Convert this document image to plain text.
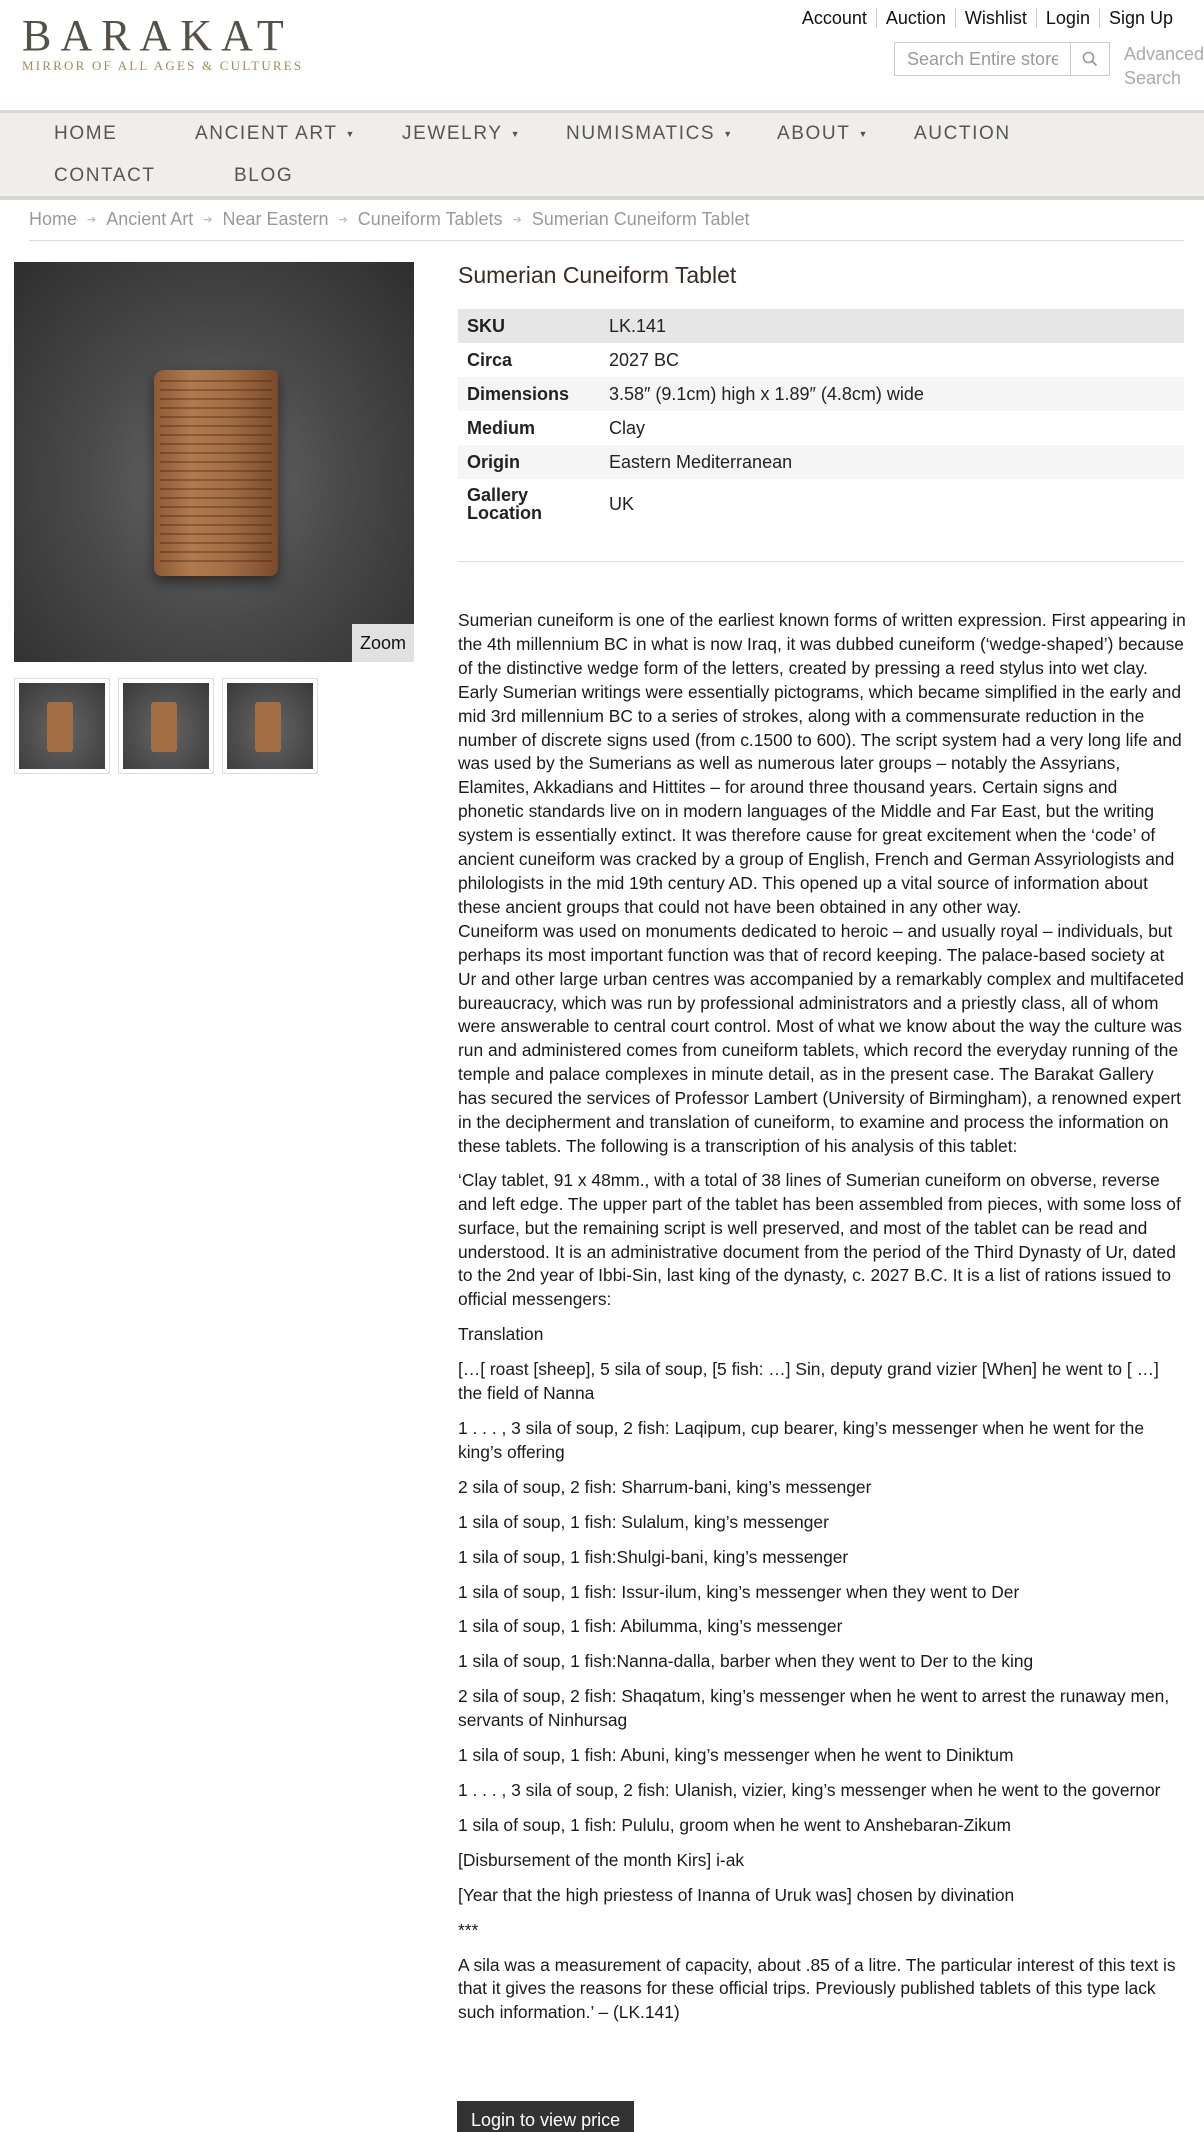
BARAKAT
MIRROR OF ALL AGES & CULTURES
Account	Auction	Wishlist	Login	Sign Up
Search Entire store
Advanced
Search
HOME	ANCIENT ART ▼ JEWELRY ▼ NUMISMATICS ▼ ABOUT ▼ AUCTION
CONTACT	BLOG
Home ➔ Ancient Art ➔ Near Eastern ➔ Cuneiform Tablets ➔ Sumerian Cuneiform Tablet
Zoom
Sumerian Cuneiform Tablet
SKU	LK.141
Circa	2027 BC
Dimensions	3.58″ (9.1cm) high x 1.89″ (4.8cm) wide
Medium	Clay
Origin	Eastern Mediterranean
Gallery Location	UK

Sumerian cuneiform is one of the earliest known forms of written expression. First appearing in the 4th millennium BC in what is now Iraq, it was dubbed cuneiform (‘wedge-shaped’) because of the distinctive wedge form of the letters, created by pressing a reed stylus into wet clay. Early Sumerian writings were essentially pictograms, which became simplified in the early and mid 3rd millennium BC to a series of strokes, along with a commensurate reduction in the number of discrete signs used (from c.1500 to 600). The script system had a very long life and was used by the Sumerians as well as numerous later groups – notably the Assyrians, Elamites, Akkadians and Hittites – for around three thousand years. Certain signs and phonetic standards live on in modern languages of the Middle and Far East, but the writing system is essentially extinct. It was therefore cause for great excitement when the ‘code’ of ancient cuneiform was cracked by a group of English, French and German Assyriologists and philologists in the mid 19th century AD. This opened up a vital source of information about these ancient groups that could not have been obtained in any other way.

Cuneiform was used on monuments dedicated to heroic – and usually royal – individuals, but perhaps its most important function was that of record keeping. The palace-based society at Ur and other large urban centres was accompanied by a remarkably complex and multifaceted bureaucracy, which was run by professional administrators and a priestly class, all of whom were answerable to central court control. Most of what we know about the way the culture was run and administered comes from cuneiform tablets, which record the everyday running of the temple and palace complexes in minute detail, as in the present case. The Barakat Gallery has secured the services of Professor Lambert (University of Birmingham), a renowned expert in the decipherment and translation of cuneiform, to examine and process the information on these tablets. The following is a transcription of his analysis of this tablet:

‘Clay tablet, 91 x 48mm., with a total of 38 lines of Sumerian cuneiform on obverse, reverse and left edge. The upper part of the tablet has been assembled from pieces, with some loss of surface, but the remaining script is well preserved, and most of the tablet can be read and understood. It is an administrative document from the period of the Third Dynasty of Ur, dated to the 2nd year of Ibbi-Sin, last king of the dynasty, c. 2027 B.C. It is a list of rations issued to official messengers:

Translation

[…[ roast [sheep], 5 sila of soup, [5 fish: …] Sin, deputy grand vizier [When] he went to [ …] the field of Nanna

1 . . . , 3 sila of soup, 2 fish: Laqipum, cup bearer, king’s messenger when he went for the king’s offering

2 sila of soup, 2 fish: Sharrum-bani, king’s messenger

1 sila of soup, 1 fish: Sulalum, king’s messenger

1 sila of soup, 1 fish:Shulgi-bani, king’s messenger

1 sila of soup, 1 fish: Issur-ilum, king’s messenger when they went to Der

1 sila of soup, 1 fish: Abilumma, king’s messenger

1 sila of soup, 1 fish:Nanna-dalla, barber when they went to Der to the king

2 sila of soup, 2 fish: Shaqatum, king’s messenger when he went to arrest the runaway men, servants of Ninhursag

1 sila of soup, 1 fish: Abuni, king’s messenger when he went to Diniktum

1 . . . , 3 sila of soup, 2 fish: Ulanish, vizier, king’s messenger when he went to the governor

1 sila of soup, 1 fish: Pululu, groom when he went to Anshebaran-Zikum

[Disbursement of the month Kirs] i-ak

[Year that the high priestess of Inanna of Uruk was] chosen by divination

***

A sila was a measurement of capacity, about .85 of a litre. The particular interest of this text is that it gives the reasons for these official trips. Previously published tablets of this type lack such information.’ – (LK.141)

Login to view price
